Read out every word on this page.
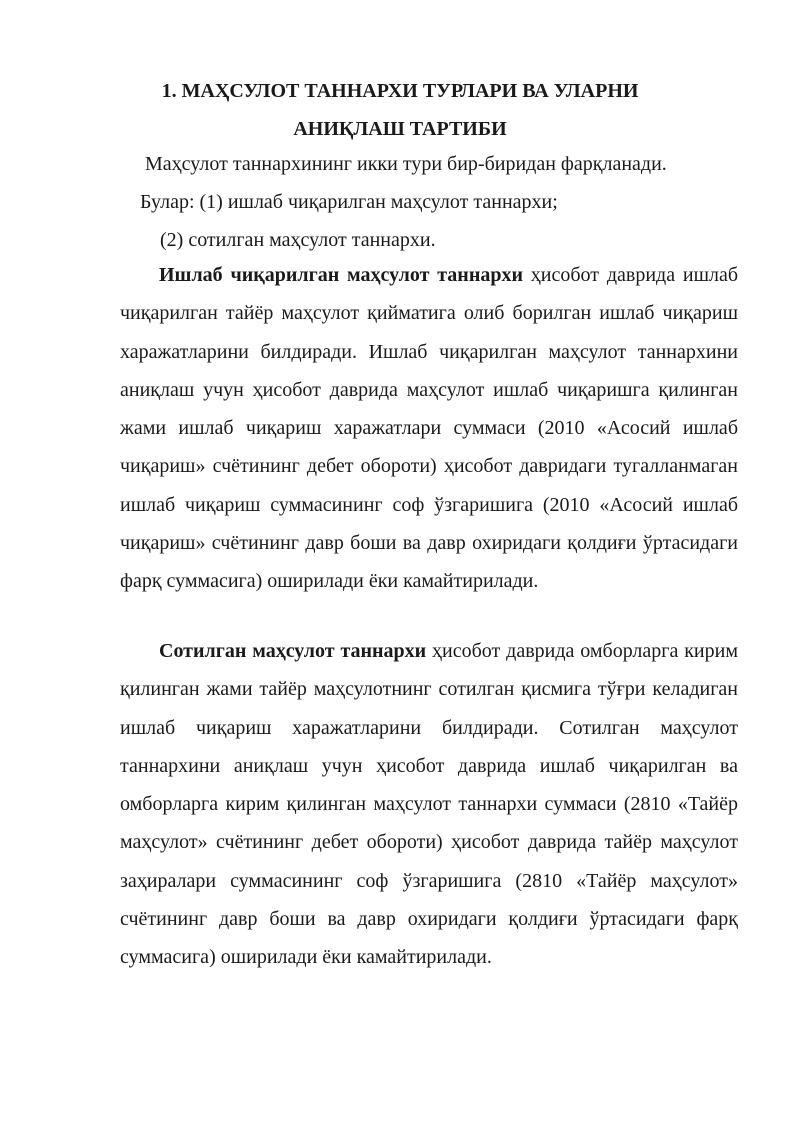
1. МАҲСУЛОТ ТАННАРХИ ТУРЛАРИ ВА УЛАРНИ
АНИҚЛАШ ТАРТИБИ

Маҳсулот таннархининг икки тури бир-биридан фарқланади.

Булар: (1) ишлаб чиқарилган маҳсулот таннархи;

(2) сотилган маҳсулот таннархи.

Ишлаб чиқарилган маҳсулот таннархи ҳисобот даврида ишлаб чиқарилган тайёр маҳсулот қийматига олиб борилган ишлаб чиқариш харажатларини билдиради. Ишлаб чиқарилган маҳсулот таннархини аниқлаш учун ҳисобот даврида маҳсулот ишлаб чиқаришга қилинган жами ишлаб чиқариш харажатлари суммаси (2010 «Асосий ишлаб чиқариш» счётининг дебет обороти) ҳисобот давридаги тугалланмаган ишлаб чиқариш суммасининг соф ўзгаришига (2010 «Асосий ишлаб чиқариш» счётининг давр боши ва давр охиридаги қолдиғи ўртасидаги фарқ суммасига) оширилади ёки камайтирилади.

Сотилган маҳсулот таннархи ҳисобот даврида омборларга кирим қилинган жами тайёр маҳсулотнинг сотилган қисмига тўғри келадиган ишлаб чиқариш харажатларини билдиради. Сотилган маҳсулот таннархини аниқлаш учун ҳисобот даврида ишлаб чиқарилган ва омборларга кирим қилинган маҳсулот таннархи суммаси (2810 «Тайёр маҳсулот» счётининг дебет обороти) ҳисобот даврида тайёр маҳсулот заҳиралари суммасининг соф ўзгаришига (2810 «Тайёр маҳсулот» счётининг давр боши ва давр охиридаги қолдиғи ўртасидаги фарқ суммасига) оширилади ёки камайтирилади.
